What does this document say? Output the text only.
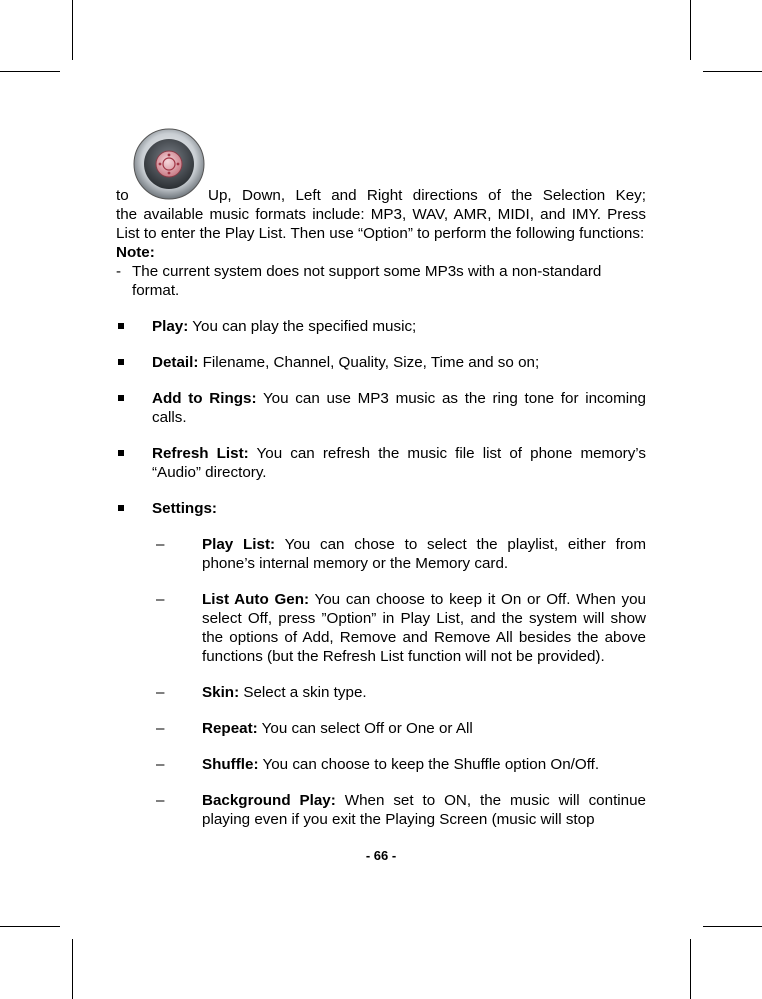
to	Up, Down, Left and Right directions of the Selection Key;

the available music formats include: MP3, WAV, AMR, MIDI, and IMY. Press List to enter the Play List. Then use “Option” to perform the following functions:

Note:

- The current system does not support some MP3s with a non-standard format.
Play: You can play the specified music;
Detail: Filename, Channel, Quality, Size, Time and so on;
Add to Rings: You can use MP3 music as the ring tone for incoming calls.
Refresh List: You can refresh the music file list of phone memory’s “Audio” directory.
Settings:
– Play List: You can chose to select the playlist, either from phone’s internal memory or the Memory card.
– List Auto Gen: You can choose to keep it On or Off. When you select Off, press ”Option” in Play List, and the system will show the options of Add, Remove and Remove All besides the above functions (but the Refresh List function will not be provided).
– Skin: Select a skin type.
– Repeat: You can select Off or One or All
– Shuffle: You can choose to keep the Shuffle option On/Off.
– Background Play: When set to ON, the music will continue playing even if you exit the Playing Screen (music will stop
- 66 -
